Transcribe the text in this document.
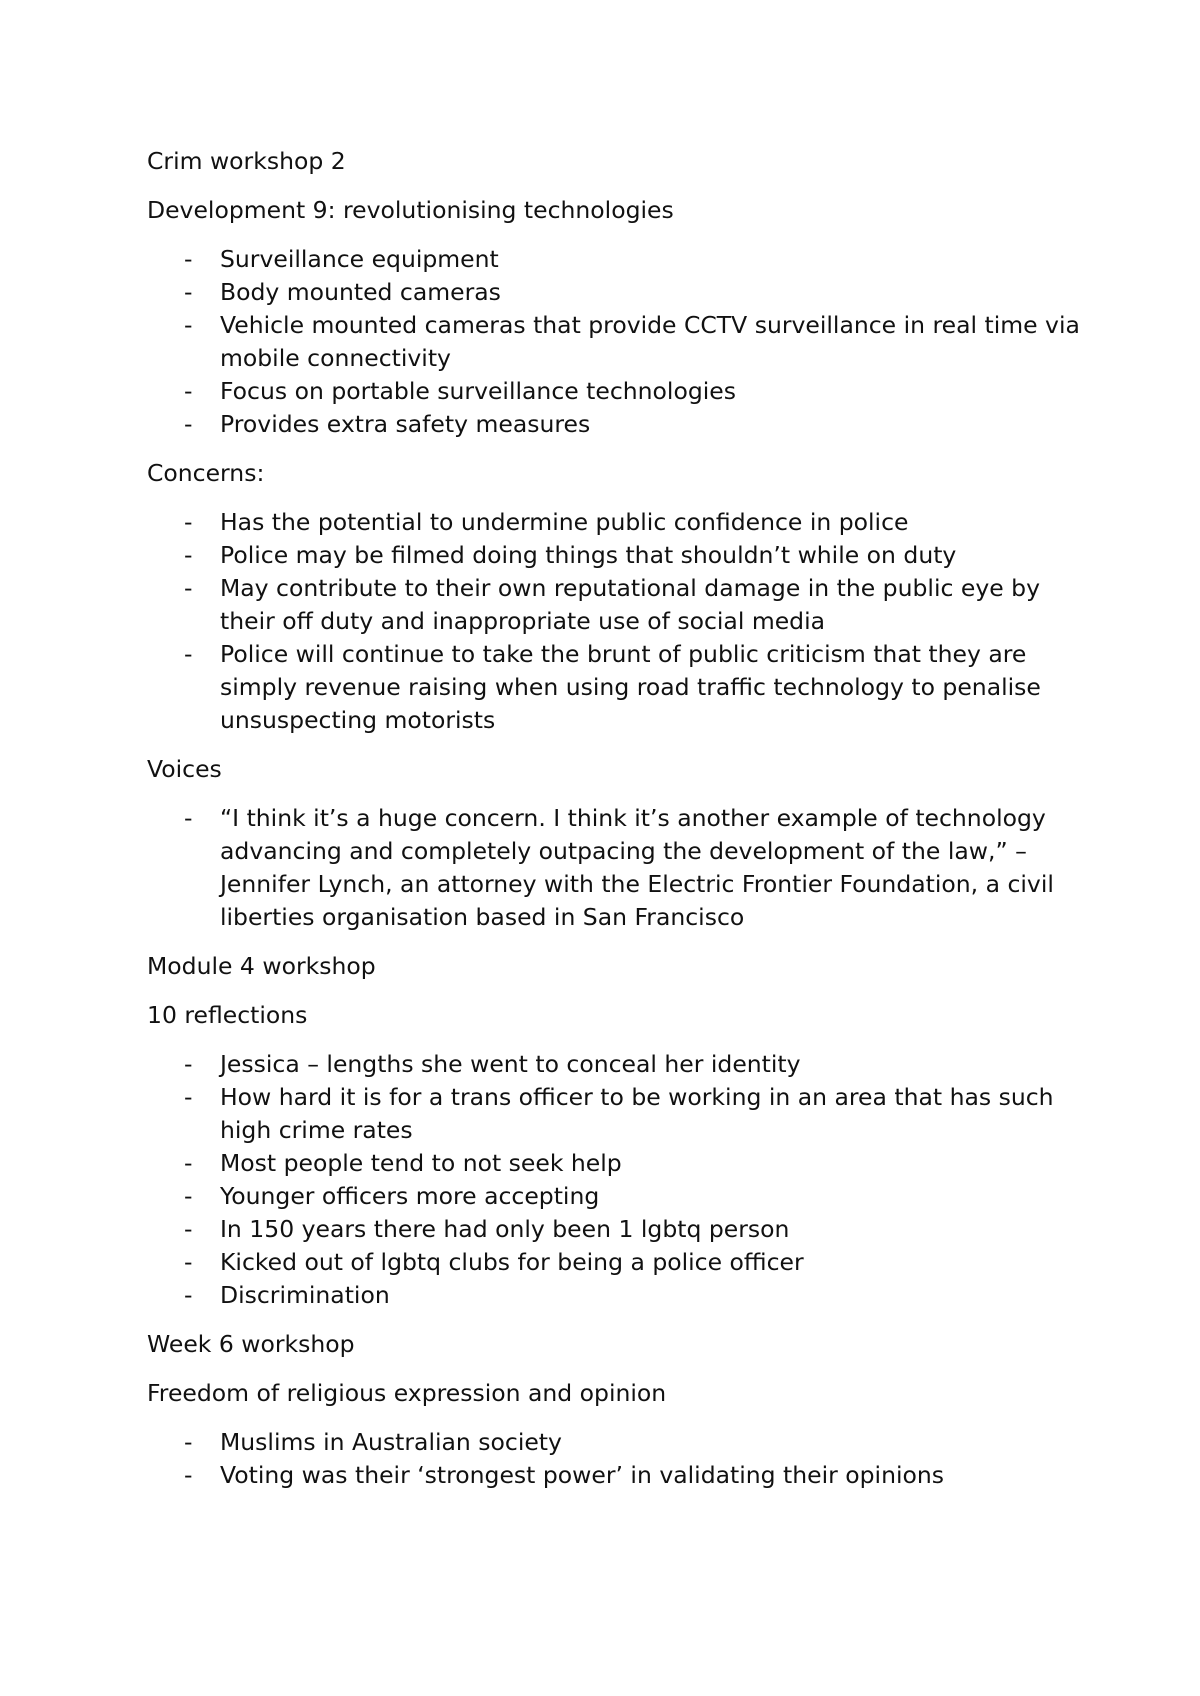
Crim workshop 2

Development 9: revolutionising technologies

- Surveillance equipment
- Body mounted cameras
- Vehicle mounted cameras that provide CCTV surveillance in real time via mobile connectivity
- Focus on portable surveillance technologies
- Provides extra safety measures

Concerns:

- Has the potential to undermine public confidence in police
- Police may be filmed doing things that shouldn’t while on duty
- May contribute to their own reputational damage in the public eye by their off duty and inappropriate use of social media
- Police will continue to take the brunt of public criticism that they are simply revenue raising when using road traffic technology to penalise unsuspecting motorists

Voices

- “I think it’s a huge concern. I think it’s another example of technology advancing and completely outpacing the development of the law,” – Jennifer Lynch, an attorney with the Electric Frontier Foundation, a civil liberties organisation based in San Francisco

Module 4 workshop

10 reflections

- Jessica – lengths she went to conceal her identity
- How hard it is for a trans officer to be working in an area that has such high crime rates
- Most people tend to not seek help
- Younger officers more accepting
- In 150 years there had only been 1 lgbtq person
- Kicked out of lgbtq clubs for being a police officer
- Discrimination

Week 6 workshop

Freedom of religious expression and opinion

- Muslims in Australian society
- Voting was their ‘strongest power’ in validating their opinions
